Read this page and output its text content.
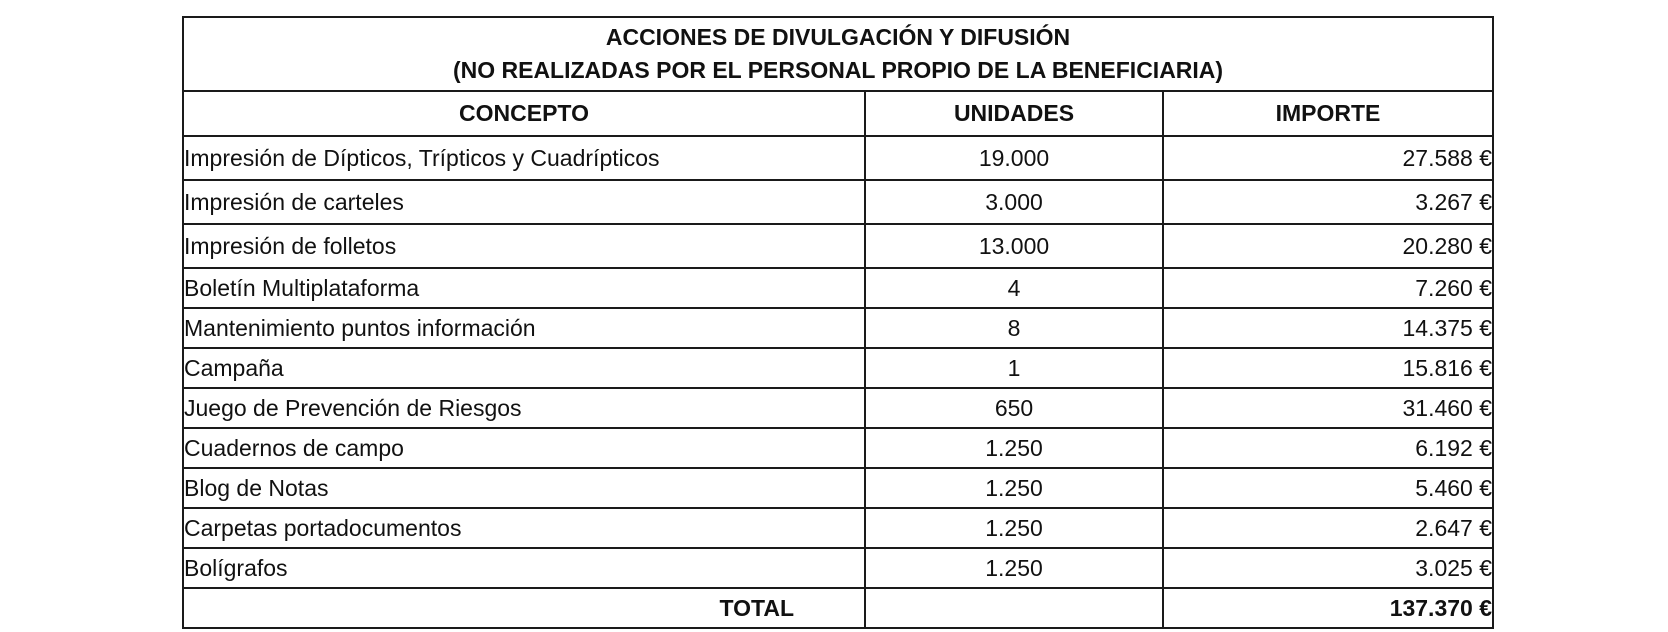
ACCIONES DE DIVULGACIÓN Y DIFUSIÓN
(NO REALIZADAS POR EL PERSONAL PROPIO DE LA BENEFICIARIA)		

CONCEPTO	UNIDADES	IMPORTE
Impresión de Dípticos, Trípticos y Cuadrípticos	19.000	27.588 €
Impresión de carteles	3.000	3.267 €
Impresión de folletos	13.000	20.280 €
Boletín Multiplataforma	4	7.260 €
Mantenimiento puntos información	8	14.375 €
Campaña	1	15.816 €
Juego de Prevención de Riesgos	650	31.460 €
Cuadernos de campo	1.250	6.192 €
Blog de Notas	1.250	5.460 €
Carpetas portadocumentos	1.250	2.647 €
Bolígrafos	1.250	3.025 €
TOTAL		137.370 €
